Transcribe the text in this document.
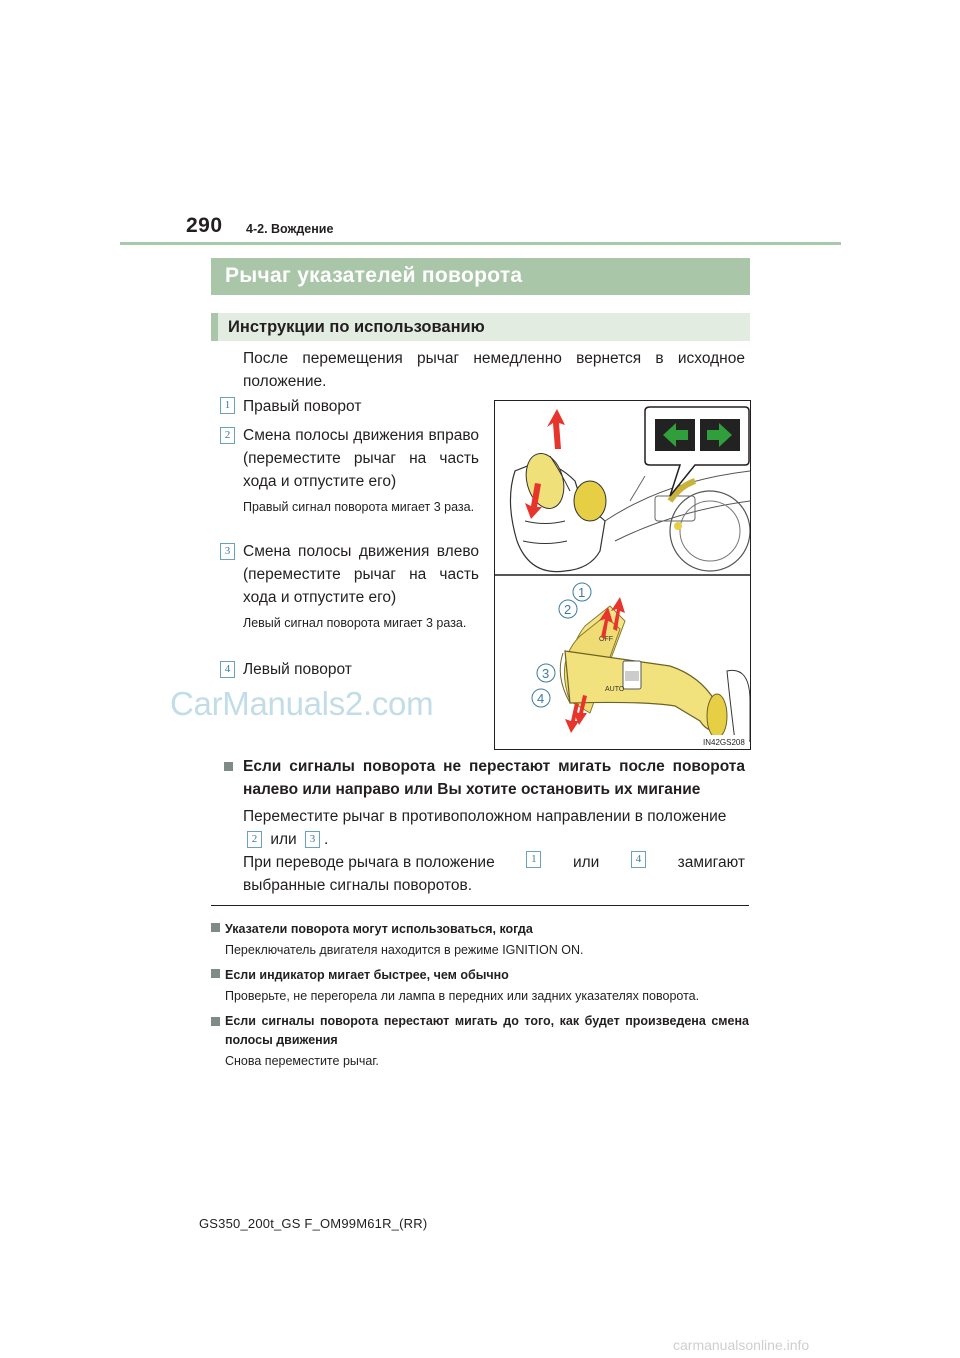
290 4-2. Вождение
Рычаг указателей поворота
Инструкции по использованию
После перемещения рычаг немедленно вернется в исходное положение.
1 Правый поворот
2 Смена полосы движения вправо (переместите рычаг на часть хода и отпустите его)
Правый сигнал поворота мигает 3 раза.
3 Смена полосы движения влево (переместите рычаг на часть хода и отпустите его)
Левый сигнал поворота мигает 3 раза.
4 Левый поворот
OFF
AUTO
1
2
3
4
IN42GS208
CarManuals2.com
Если сигналы поворота не перестают мигать после поворота налево или направо или Вы хотите остановить их мигание
Переместите рычаг в противоположном направлении в положение
2 или 3 .
При переводе рычага в положение	1	или	4	замигают
выбранные сигналы поворотов.
Указатели поворота могут использоваться, когда
Переключатель двигателя находится в режиме IGNITION ON.
Если индикатор мигает быстрее, чем обычно
Проверьте, не перегорела ли лампа в передних или задних указателях поворота.
Если сигналы поворота перестают мигать до того, как будет произведена смена полосы движения
Снова переместите рычаг.
GS350_200t_GS F_OM99M61R_(RR)
carmanualsonline.info
